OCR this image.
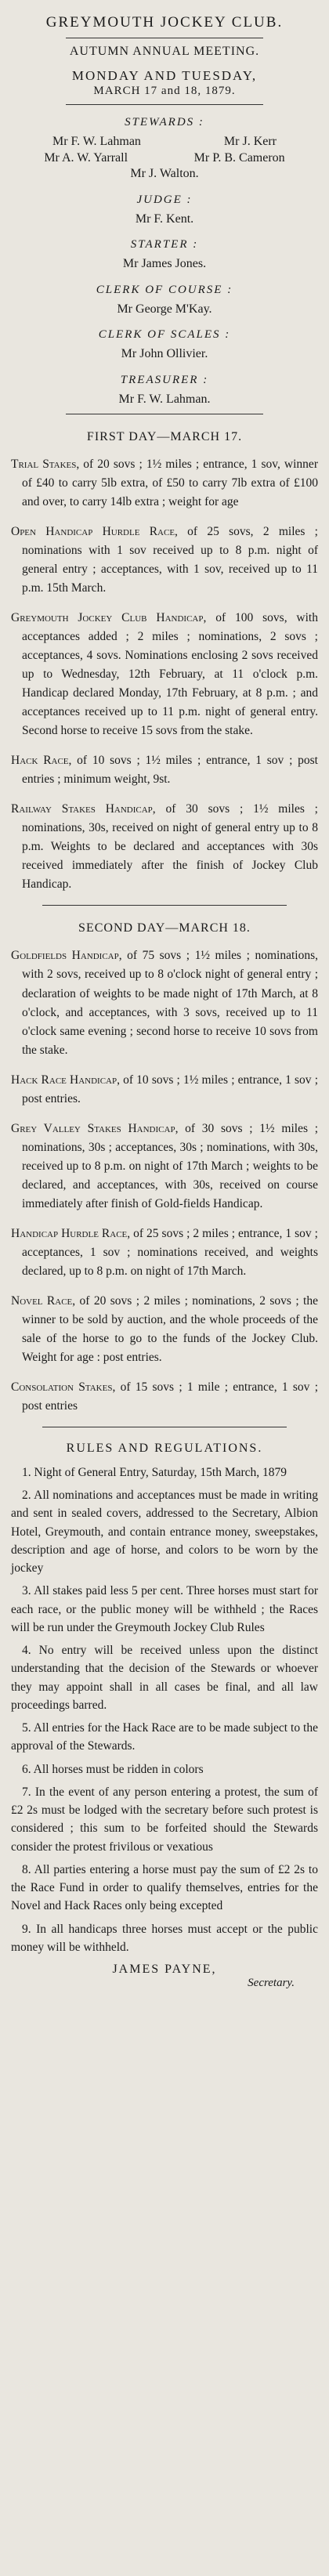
GREYMOUTH JOCKEY CLUB.
AUTUMN ANNUAL MEETING.
MONDAY AND TUESDAY,
MARCH 17 and 18, 1879.
STEWARDS :
Mr F. W. Lahman	Mr J. Kerr
Mr A. W. Yarrall	Mr P. B. Cameron
Mr J. Walton.
JUDGE :
Mr F. Kent.
STARTER :
Mr James Jones.
CLERK OF COURSE :
Mr George M'Kay.
CLERK OF SCALES :
Mr John Ollivier.
TREASURER :
Mr F. W. Lahman.
FIRST DAY—MARCH 17.

Trial Stakes, of 20 sovs ; 1½ miles ; entrance, 1 sov, winner of £40 to carry 5lb extra, of £50 to carry 7lb extra of £100 and over, to carry 14lb extra ; weight for age

Open Handicap Hurdle Race, of 25 sovs, 2 miles ; nominations with 1 sov received up to 8 p.m. night of general entry ; acceptances, with 1 sov, received up to 11 p.m. 15th March.

Greymouth Jockey Club Handicap, of 100 sovs, with acceptances added ; 2 miles ; nominations, 2 sovs ; acceptances, 4 sovs. Nominations enclosing 2 sovs received up to Wednesday, 12th February, at 11 o'clock p.m. Handicap declared Monday, 17th February, at 8 p.m. ; and acceptances received up to 11 p.m. night of general entry. Second horse to receive 15 sovs from the stake.

Hack Race, of 10 sovs ; 1½ miles ; entrance, 1 sov ; post entries ; minimum weight, 9st.

Railway Stakes Handicap, of 30 sovs ; 1½ miles ; nominations, 30s, received on night of general entry up to 8 p.m. Weights to be declared and acceptances with 30s received immediately after the finish of Jockey Club Handicap.

SECOND DAY—MARCH 18.

Goldfields Handicap, of 75 sovs ; 1½ miles ; nominations, with 2 sovs, received up to 8 o'clock night of general entry ; declaration of weights to be made night of 17th March, at 8 o'clock, and acceptances, with 3 sovs, received up to 11 o'clock same evening ; second horse to receive 10 sovs from the stake.

Hack Race Handicap, of 10 sovs ; 1½ miles ; entrance, 1 sov ; post entries.

Grey Valley Stakes Handicap, of 30 sovs ; 1½ miles ; nominations, 30s ; acceptances, 30s ; nominations, with 30s, received up to 8 p.m. on night of 17th March ; weights to be declared, and acceptances, with 30s, received on course immediately after finish of Gold-fields Handicap.

Handicap Hurdle Race, of 25 sovs ; 2 miles ; entrance, 1 sov ; acceptances, 1 sov ; nominations received, and weights declared, up to 8 p.m. on night of 17th March.

Novel Race, of 20 sovs ; 2 miles ; nominations, 2 sovs ; the winner to be sold by auction, and the whole proceeds of the sale of the horse to go to the funds of the Jockey Club. Weight for age : post entries.

Consolation Stakes, of 15 sovs ; 1 mile ; entrance, 1 sov ; post entries

RULES AND REGULATIONS.

1. Night of General Entry, Saturday, 15th March, 1879

2. All nominations and acceptances must be made in writing and sent in sealed covers, addressed to the Secretary, Albion Hotel, Greymouth, and contain entrance money, sweepstakes, description and age of horse, and colors to be worn by the jockey

3. All stakes paid less 5 per cent. Three horses must start for each race, or the public money will be withheld ; the Races will be run under the Greymouth Jockey Club Rules

4. No entry will be received unless upon the distinct understanding that the decision of the Stewards or whoever they may appoint shall in all cases be final, and all law proceedings barred.

5. All entries for the Hack Race are to be made subject to the approval of the Stewards.

6. All horses must be ridden in colors

7. In the event of any person entering a protest, the sum of £2 2s must be lodged with the secretary before such protest is considered ; this sum to be forfeited should the Stewards consider the protest frivilous or vexatious

8. All parties entering a horse must pay the sum of £2 2s to the Race Fund in order to qualify themselves, entries for the Novel and Hack Races only being excepted

9. In all handicaps three horses must accept or the public money will be withheld.

JAMES PAYNE,
Secretary.
